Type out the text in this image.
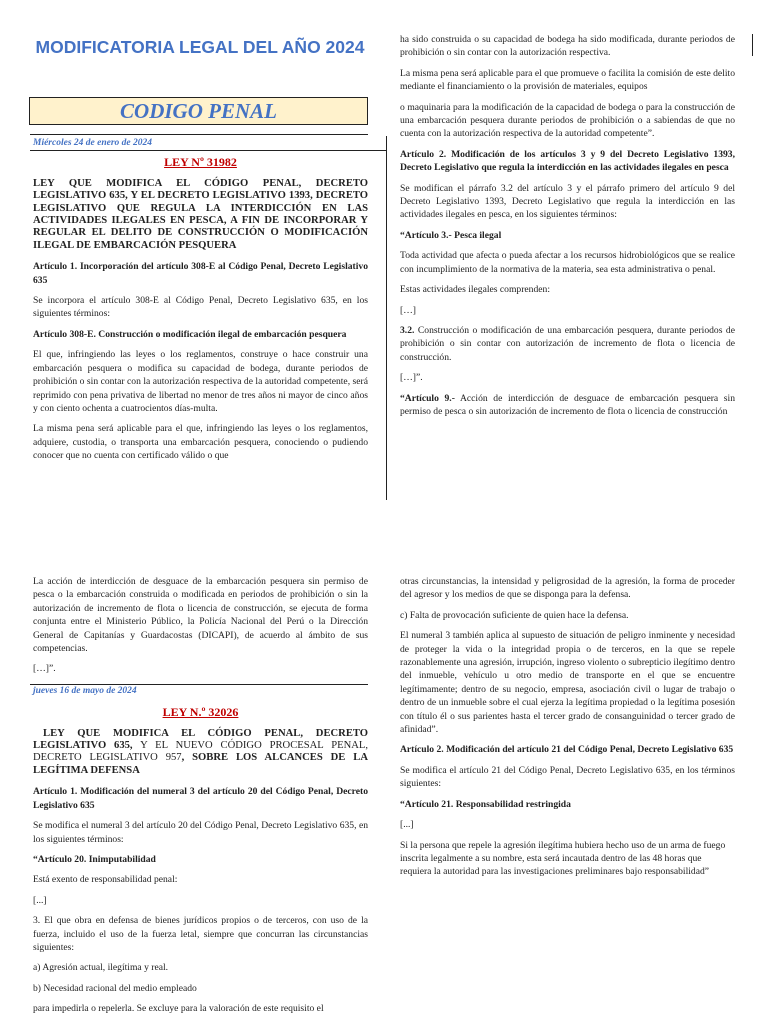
MODIFICATORIA LEGAL DEL AÑO 2024
CODIGO PENAL
Miércoles 24 de enero de 2024

LEY Nº 31982

LEY QUE MODIFICA EL CÓDIGO PENAL, DECRETO LEGISLATIVO 635, Y EL DECRETO LEGISLATIVO 1393, DECRETO LEGISLATIVO QUE REGULA LA INTERDICCIÓN EN LAS ACTIVIDADES ILEGALES EN PESCA, A FIN DE INCORPORAR Y REGULAR EL DELITO DE CONSTRUCCIÓN O MODIFICACIÓN ILEGAL DE EMBARCACIÓN PESQUERA

Artículo 1. Incorporación del artículo 308-E al Código Penal, Decreto Legislativo 635

Se incorpora el artículo 308-E al Código Penal, Decreto Legislativo 635, en los siguientes términos:

Artículo 308-E. Construcción o modificación ilegal de embarcación pesquera

El que, infringiendo las leyes o los reglamentos, construye o hace construir una embarcación pesquera o modifica su capacidad de bodega, durante periodos de prohibición o sin contar con la autorización respectiva de la autoridad competente, será reprimido con pena privativa de libertad no menor de tres años ni mayor de cinco años y con ciento ochenta a cuatrocientos días-multa.

La misma pena será aplicable para el que, infringiendo las leyes o los reglamentos, adquiere, custodia, o transporta una embarcación pesquera, conociendo o pudiendo conocer que no cuenta con certificado válido o que

ha sido construida o su capacidad de bodega ha sido modificada, durante periodos de prohibición o sin contar con la autorización respectiva.

La misma pena será aplicable para el que promueve o facilita la comisión de este delito mediante el financiamiento o la provisión de materiales, equipos

o maquinaria para la modificación de la capacidad de bodega o para la construcción de una embarcación pesquera durante periodos de prohibición o a sabiendas de que no cuenta con la autorización respectiva de la autoridad competente”.

Artículo 2. Modificación de los artículos 3 y 9 del Decreto Legislativo 1393, Decreto Legislativo que regula la interdicción en las actividades ilegales en pesca

Se modifican el párrafo 3.2 del artículo 3 y el párrafo primero del artículo 9 del Decreto Legislativo 1393, Decreto Legislativo que regula la interdicción en las actividades ilegales en pesca, en los siguientes términos:

“Artículo 3.- Pesca ilegal

Toda actividad que afecta o pueda afectar a los recursos hidrobiológicos que se realice con incumplimiento de la normativa de la materia, sea esta administrativa o penal.

Estas actividades ilegales comprenden:

[…]

3.2. Construcción o modificación de una embarcación pesquera, durante periodos de prohibición o sin contar con autorización de incremento de flota o licencia de construcción.

[…]”.

“Artículo 9.- Acción de interdicción de desguace de embarcación pesquera sin permiso de pesca o sin autorización de incremento de flota o licencia de construcción

La acción de interdicción de desguace de la embarcación pesquera sin permiso de pesca o la embarcación construida o modificada en periodos de prohibición o sin la autorización de incremento de flota o licencia de construcción, se ejecuta de forma conjunta entre el Ministerio Público, la Policía Nacional del Perú o la Dirección General de Capitanías y Guardacostas (DICAPI), de acuerdo al ámbito de sus competencias.

[…]”.

jueves 16 de mayo de 2024

LEY N.º 32026

LEY QUE MODIFICA EL CÓDIGO PENAL, DECRETO LEGISLATIVO 635, Y EL NUEVO CÓDIGO PROCESAL PENAL, DECRETO LEGISLATIVO 957, SOBRE LOS ALCANCES DE LA LEGÍTIMA DEFENSA

Artículo 1. Modificación del numeral 3 del artículo 20 del Código Penal, Decreto Legislativo 635

Se modifica el numeral 3 del artículo 20 del Código Penal, Decreto Legislativo 635, en los siguientes términos:

“Artículo 20. Inimputabilidad

Está exento de responsabilidad penal:

[...]

3. El que obra en defensa de bienes jurídicos propios o de terceros, con uso de la fuerza, incluido el uso de la fuerza letal, siempre que concurran las circunstancias siguientes:

a) Agresión actual, ilegítima y real.

b) Necesidad racional del medio empleado

para impedirla o repelerla. Se excluye para la valoración de este requisito el

otras circunstancias, la intensidad y peligrosidad de la agresión, la forma de proceder del agresor y los medios de que se disponga para la defensa.

c) Falta de provocación suficiente de quien hace la defensa.

El numeral 3 también aplica al supuesto de situación de peligro inminente y necesidad de proteger la vida o la integridad propia o de terceros, en la que se repele razonablemente una agresión, irrupción, ingreso violento o subrepticio ilegítimo dentro del inmueble, vehículo u otro medio de transporte en el que se encuentre legítimamente; dentro de su negocio, empresa, asociación civil o lugar de trabajo o dentro de un inmueble sobre el cual ejerza la legítima propiedad o la legítima posesión con título él o sus parientes hasta el tercer grado de consanguinidad o tercer grado de afinidad”.

Artículo 2. Modificación del artículo 21 del Código Penal, Decreto Legislativo 635

Se modifica el artículo 21 del Código Penal, Decreto Legislativo 635, en los términos siguientes:

“Artículo 21. Responsabilidad restringida

[...]

Si la persona que repele la agresión ilegítima hubiera hecho uso de un arma de fuego inscrita legalmente a su nombre, esta será incautada dentro de las 48 horas que requiera la autoridad para las investigaciones preliminares bajo responsabilidad”
